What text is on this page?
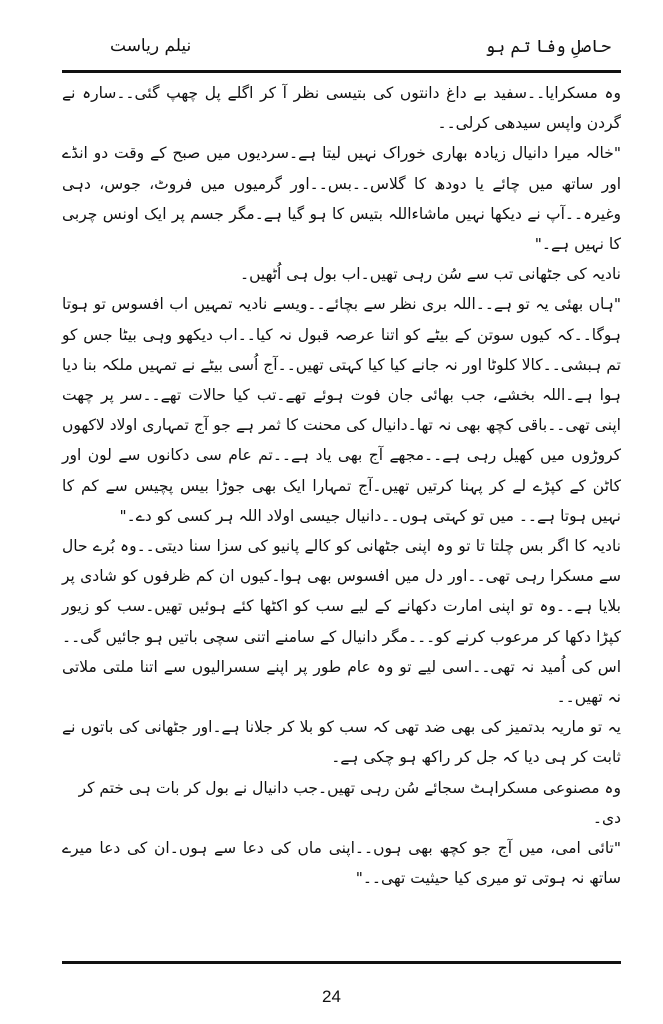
حاصلِ وفا تم ہو
نیلم ریاست

وہ مسکرایا۔۔سفید بے داغ دانتوں کی بتیسی نظر آ کر اگلے پل چھپ گئی۔۔سارہ نے گردن واپس سیدھی کرلی۔۔

"خالہ میرا دانیال زیادہ بھاری خوراک نہیں لیتا ہے۔سردیوں میں صبح کے وقت دو انڈے اور ساتھ میں چائے یا دودھ کا گلاس۔۔بس۔۔اور گرمیوں میں فروٹ، جوس، دہی وغیرہ۔۔آپ نے دیکھا نہیں ماشاءاللہ بتیس کا ہو گیا ہے۔مگر جسم پر ایک اونس چربی کا نہیں ہے۔"

نادیہ کی جٹھانی تب سے سُن رہی تھیں۔اب بول ہی اُٹھیں۔

"ہاں بھئی یہ تو ہے۔۔اللہ بری نظر سے بچائے۔۔ویسے نادیہ تمہیں اب افسوس تو ہوتا ہوگا۔۔کہ کیوں سوتن کے بیٹے کو اتنا عرصہ قبول نہ کیا۔۔اب دیکھو وہی بیٹا جس کو تم ہبشی۔۔کالا کلوٹا اور نہ جانے کیا کیا کہتی تھیں۔۔آج اُسی بیٹے نے تمہیں ملکہ بنا دیا ہوا ہے۔اللہ بخشے، جب بھائی جان فوت ہوئے تھے۔تب کیا حالات تھے۔۔سر پر چھت اپنی تھی۔۔باقی کچھ بھی نہ تھا۔دانیال کی محنت کا ثمر ہے جو آج تمہاری اولاد لاکھوں کروڑوں میں کھیل رہی ہے۔۔مجھے آج بھی یاد ہے۔۔تم عام سی دکانوں سے لون اور کاٹن کے کپڑے لے کر پہنا کرتیں تھیں۔آج تمہارا ایک بھی جوڑا بیس پچیس سے کم کا نہیں ہوتا ہے۔۔ میں تو کہتی ہوں۔۔دانیال جیسی اولاد اللہ ہر کسی کو دے۔"

نادیہ کا اگر بس چلتا تا تو وہ اپنی جٹھانی کو کالے پانیو کی سزا سنا دیتی۔۔وہ بُرے حال سے مسکرا رہی تھی۔۔اور دل میں افسوس بھی ہوا۔کیوں ان کم ظرفوں کو شادی پر بلایا ہے۔۔وہ تو اپنی امارت دکھانے کے لیے سب کو اکٹھا کئے ہوئیں تھیں۔سب کو زیور کپڑا دکھا کر مرعوب کرنے کو۔۔۔مگر دانیال کے سامنے اتنی سچی باتیں ہو جائیں گی۔۔اس کی اُمید نہ تھی۔۔اسی لیے تو وہ عام طور پر اپنے سسرالیوں سے اتنا ملتی ملاتی نہ تھیں۔۔

یہ تو ماریہ بدتمیز کی بھی ضد تھی کہ سب کو بلا کر جلانا ہے۔اور جٹھانی کی باتوں نے ثابت کر ہی دیا کہ جل کر راکھ ہو چکی ہے۔

وہ مصنوعی مسکراہٹ سجائے سُن رہی تھیں۔جب دانیال نے بول کر بات ہی ختم کر دی۔

"تائی امی، میں آج جو کچھ بھی ہوں۔۔اپنی ماں کی دعا سے ہوں۔ان کی دعا میرے ساتھ نہ ہوتی تو میری کیا حیثیت تھی۔۔"

24
